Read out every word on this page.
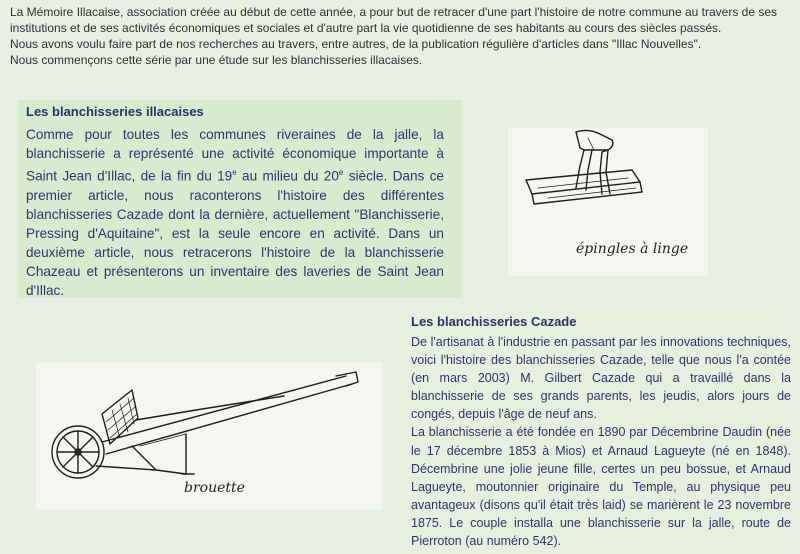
La Mémoire Illacaise, association créée au début de cette année, a pour but de retracer d'une part l'histoire de notre commune au travers de ses institutions et de ses activités économiques et sociales et d'autre part la vie quotidienne de ses habitants au cours des siècles passés.

Nous avons voulu faire part de nos recherches au travers, entre autres, de la publication régulière d'articles dans "Illac Nouvelles".

Nous commençons cette série par une étude sur les blanchisseries illacaises.

Les blanchisseries illacaises
Comme pour toutes les communes riveraines de la jalle, la blanchisserie a représenté une activité économique importante à Saint Jean d'Illac, de la fin du 19e au milieu du 20e siècle. Dans ce premier article, nous raconterons l'histoire des différentes blanchisseries Cazade dont la dernière, actuellement "Blanchisserie, Pressing d'Aquitaine", est la seule encore en activité. Dans un deuxième article, nous retracerons l'histoire de la blanchisserie Chazeau et présenterons un inventaire des laveries de Saint Jean d'Illac.
épingles à linge
brouette
Les blanchisseries Cazade

De l'artisanat à l'industrie en passant par les innovations techniques, voici l'histoire des blanchisseries Cazade, telle que nous l'a contée (en mars 2003) M. Gilbert Cazade qui a travaillé dans la blanchisserie de ses grands parents, les jeudis, alors jours de congés, depuis l'âge de neuf ans.

La blanchisserie a été fondée en 1890 par Décembrine Daudin (née le 17 décembre 1853 à Mios) et Arnaud Lagueyte (né en 1848). Décembrine une jolie jeune fille, certes un peu bossue, et Arnaud Lagueyte, moutonnier originaire du Temple, au physique peu avantageux (disons qu'il était très laid) se marièrent le 23 novembre 1875. Le couple installa une blanchisserie sur la jalle, route de Pierroton (au numéro 542).
